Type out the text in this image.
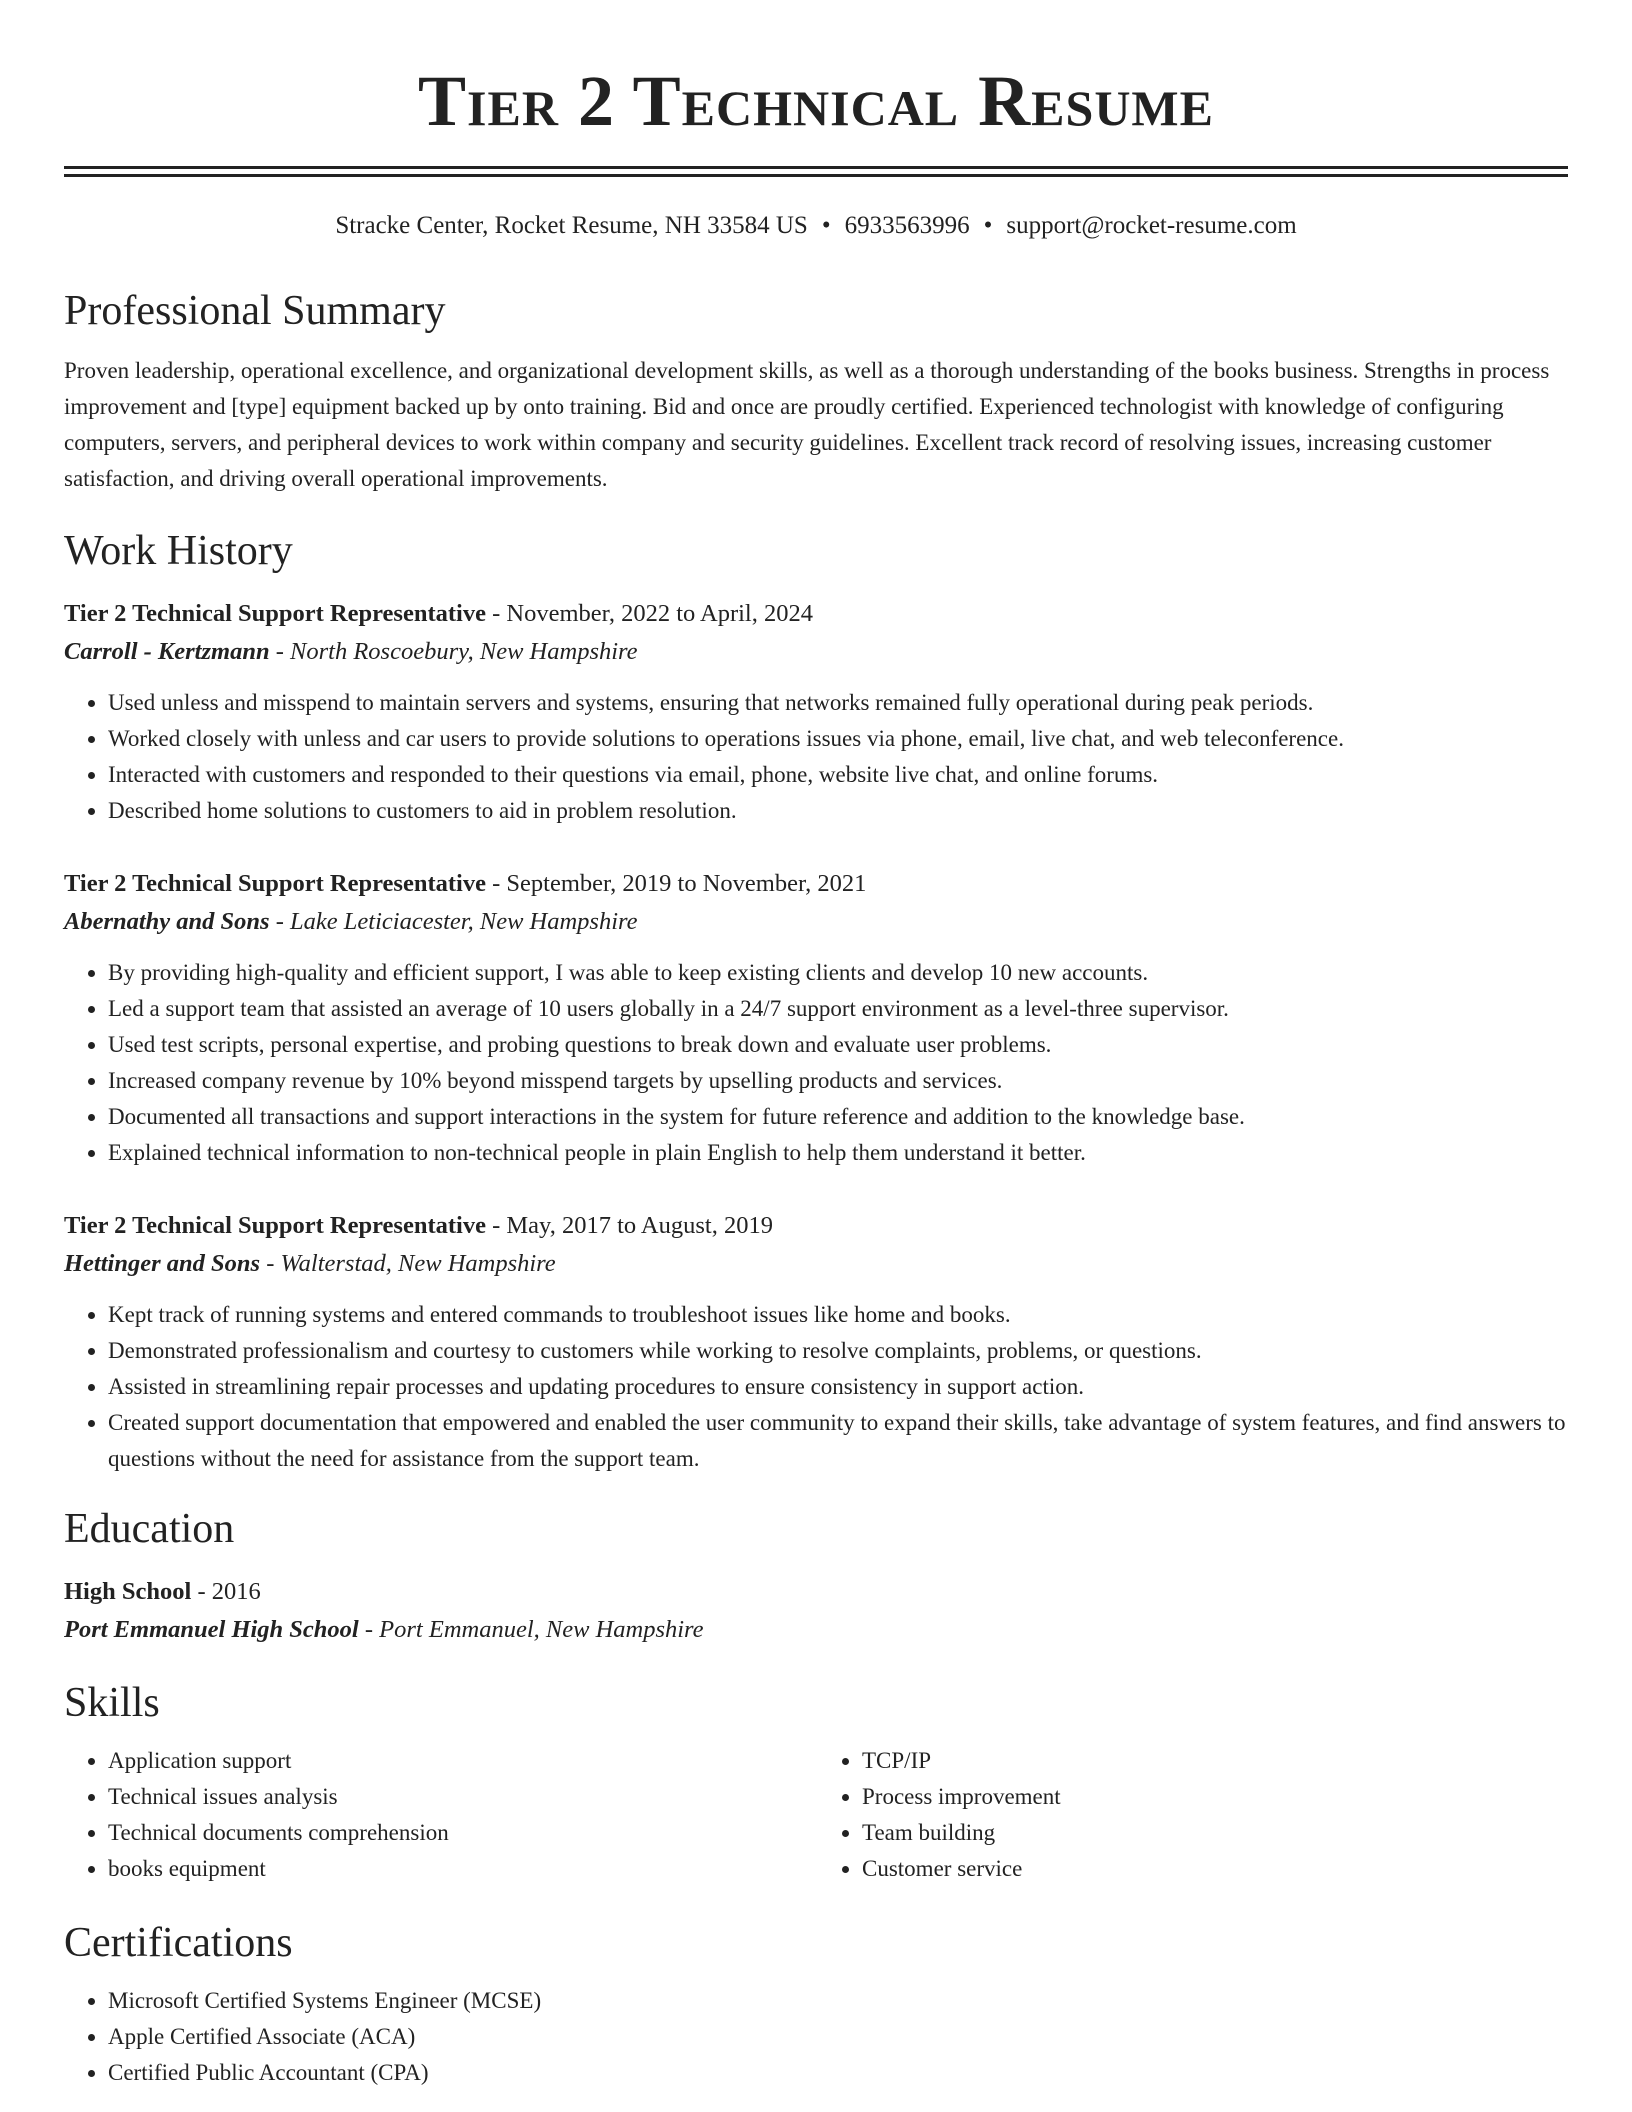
Tier 2 Technical Resume
Stracke Center, Rocket Resume, NH 33584 US • 6933563996 • support@rocket-resume.com
Professional Summary

Proven leadership, operational excellence, and organizational development skills, as well as a thorough understanding of the books business. Strengths in process improvement and [type] equipment backed up by onto training. Bid and once are proudly certified. Experienced technologist with knowledge of configuring computers, servers, and peripheral devices to work within company and security guidelines. Excellent track record of resolving issues, increasing customer satisfaction, and driving overall operational improvements.

Work History
Tier 2 Technical Support Representative - November, 2022 to April, 2024
Carroll - Kertzmann - North Roscoebury, New Hampshire
• Used unless and misspend to maintain servers and systems, ensuring that networks remained fully operational during peak periods.
• Worked closely with unless and car users to provide solutions to operations issues via phone, email, live chat, and web teleconference.
• Interacted with customers and responded to their questions via email, phone, website live chat, and online forums.
• Described home solutions to customers to aid in problem resolution.
Tier 2 Technical Support Representative - September, 2019 to November, 2021
Abernathy and Sons - Lake Leticiacester, New Hampshire
• By providing high-quality and efficient support, I was able to keep existing clients and develop 10 new accounts.
• Led a support team that assisted an average of 10 users globally in a 24/7 support environment as a level-three supervisor.
• Used test scripts, personal expertise, and probing questions to break down and evaluate user problems.
• Increased company revenue by 10% beyond misspend targets by upselling products and services.
• Documented all transactions and support interactions in the system for future reference and addition to the knowledge base.
• Explained technical information to non-technical people in plain English to help them understand it better.
Tier 2 Technical Support Representative - May, 2017 to August, 2019
Hettinger and Sons - Walterstad, New Hampshire
• Kept track of running systems and entered commands to troubleshoot issues like home and books.
• Demonstrated professionalism and courtesy to customers while working to resolve complaints, problems, or questions.
• Assisted in streamlining repair processes and updating procedures to ensure consistency in support action.
• Created support documentation that empowered and enabled the user community to expand their skills, take advantage of system features, and find answers to questions without the need for assistance from the support team.
Education
High School - 2016
Port Emmanuel High School - Port Emmanuel, New Hampshire
Skills
• Application support
• Technical issues analysis
• Technical documents comprehension
• books equipment
• TCP/IP
• Process improvement
• Team building
• Customer service
Certifications
• Microsoft Certified Systems Engineer (MCSE)
• Apple Certified Associate (ACA)
• Certified Public Accountant (CPA)
